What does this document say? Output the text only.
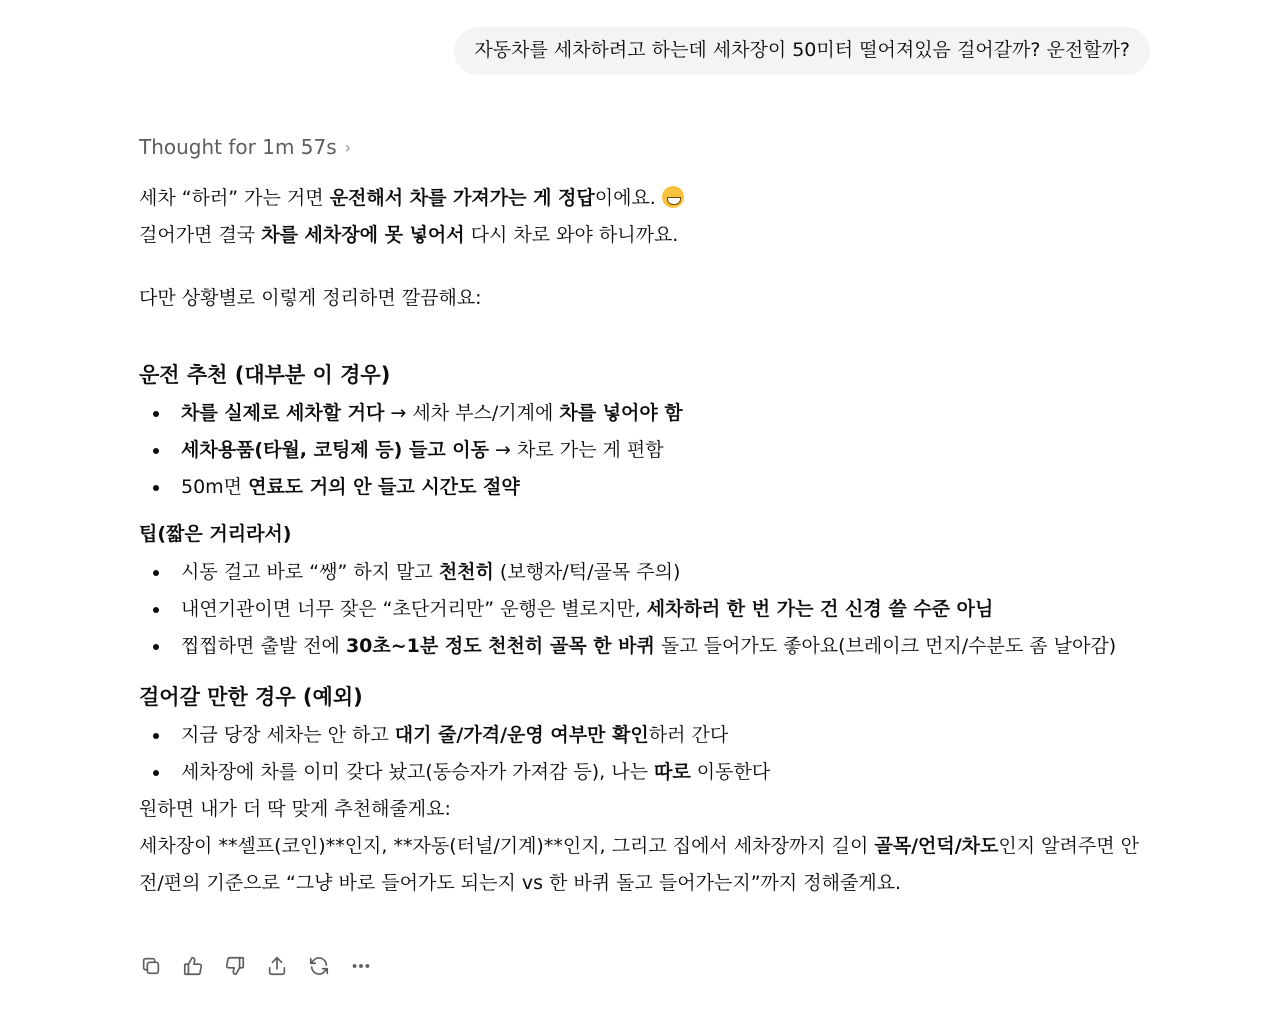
자동차를 세차하려고 하는데 세차장이 50미터 떨어져있음 걸어갈까? 운전할까?
Thought for 1m 57s ›

세차 “하러” 가는 거면 운전해서 차를 가져가는 게 정답이에요.

걸어가면 결국 차를 세차장에 못 넣어서 다시 차로 와야 하니까요.

다만 상황별로 이렇게 정리하면 깔끔해요:

운전 추천 (대부분 이 경우)
차를 실제로 세차할 거다 → 세차 부스/기계에 차를 넣어야 함
세차용품(타월, 코팅제 등) 들고 이동 → 차로 가는 게 편함
50m면 연료도 거의 안 들고 시간도 절약
팁(짧은 거리라서)
시동 걸고 바로 “쌩” 하지 말고 천천히 (보행자/턱/골목 주의)
내연기관이면 너무 잦은 “초단거리만” 운행은 별로지만, 세차하러 한 번 가는 건 신경 쓸 수준 아님
찝찝하면 출발 전에 30초~1분 정도 천천히 골목 한 바퀴 돌고 들어가도 좋아요(브레이크 먼지/수분도 좀 날아감)
걸어갈 만한 경우 (예외)
지금 당장 세차는 안 하고 대기 줄/가격/운영 여부만 확인하러 간다
세차장에 차를 이미 갖다 놨고(동승자가 가져감 등), 나는 따로 이동한다

원하면 내가 더 딱 맞게 추천해줄게요:

세차장이 **셀프(코인)**인지, **자동(터널/기계)**인지, 그리고 집에서 세차장까지 길이 골목/언덕/차도인지 알려주면 안전/편의 기준으로 “그냥 바로 들어가도 되는지 vs 한 바퀴 돌고 들어가는지”까지 정해줄게요.
